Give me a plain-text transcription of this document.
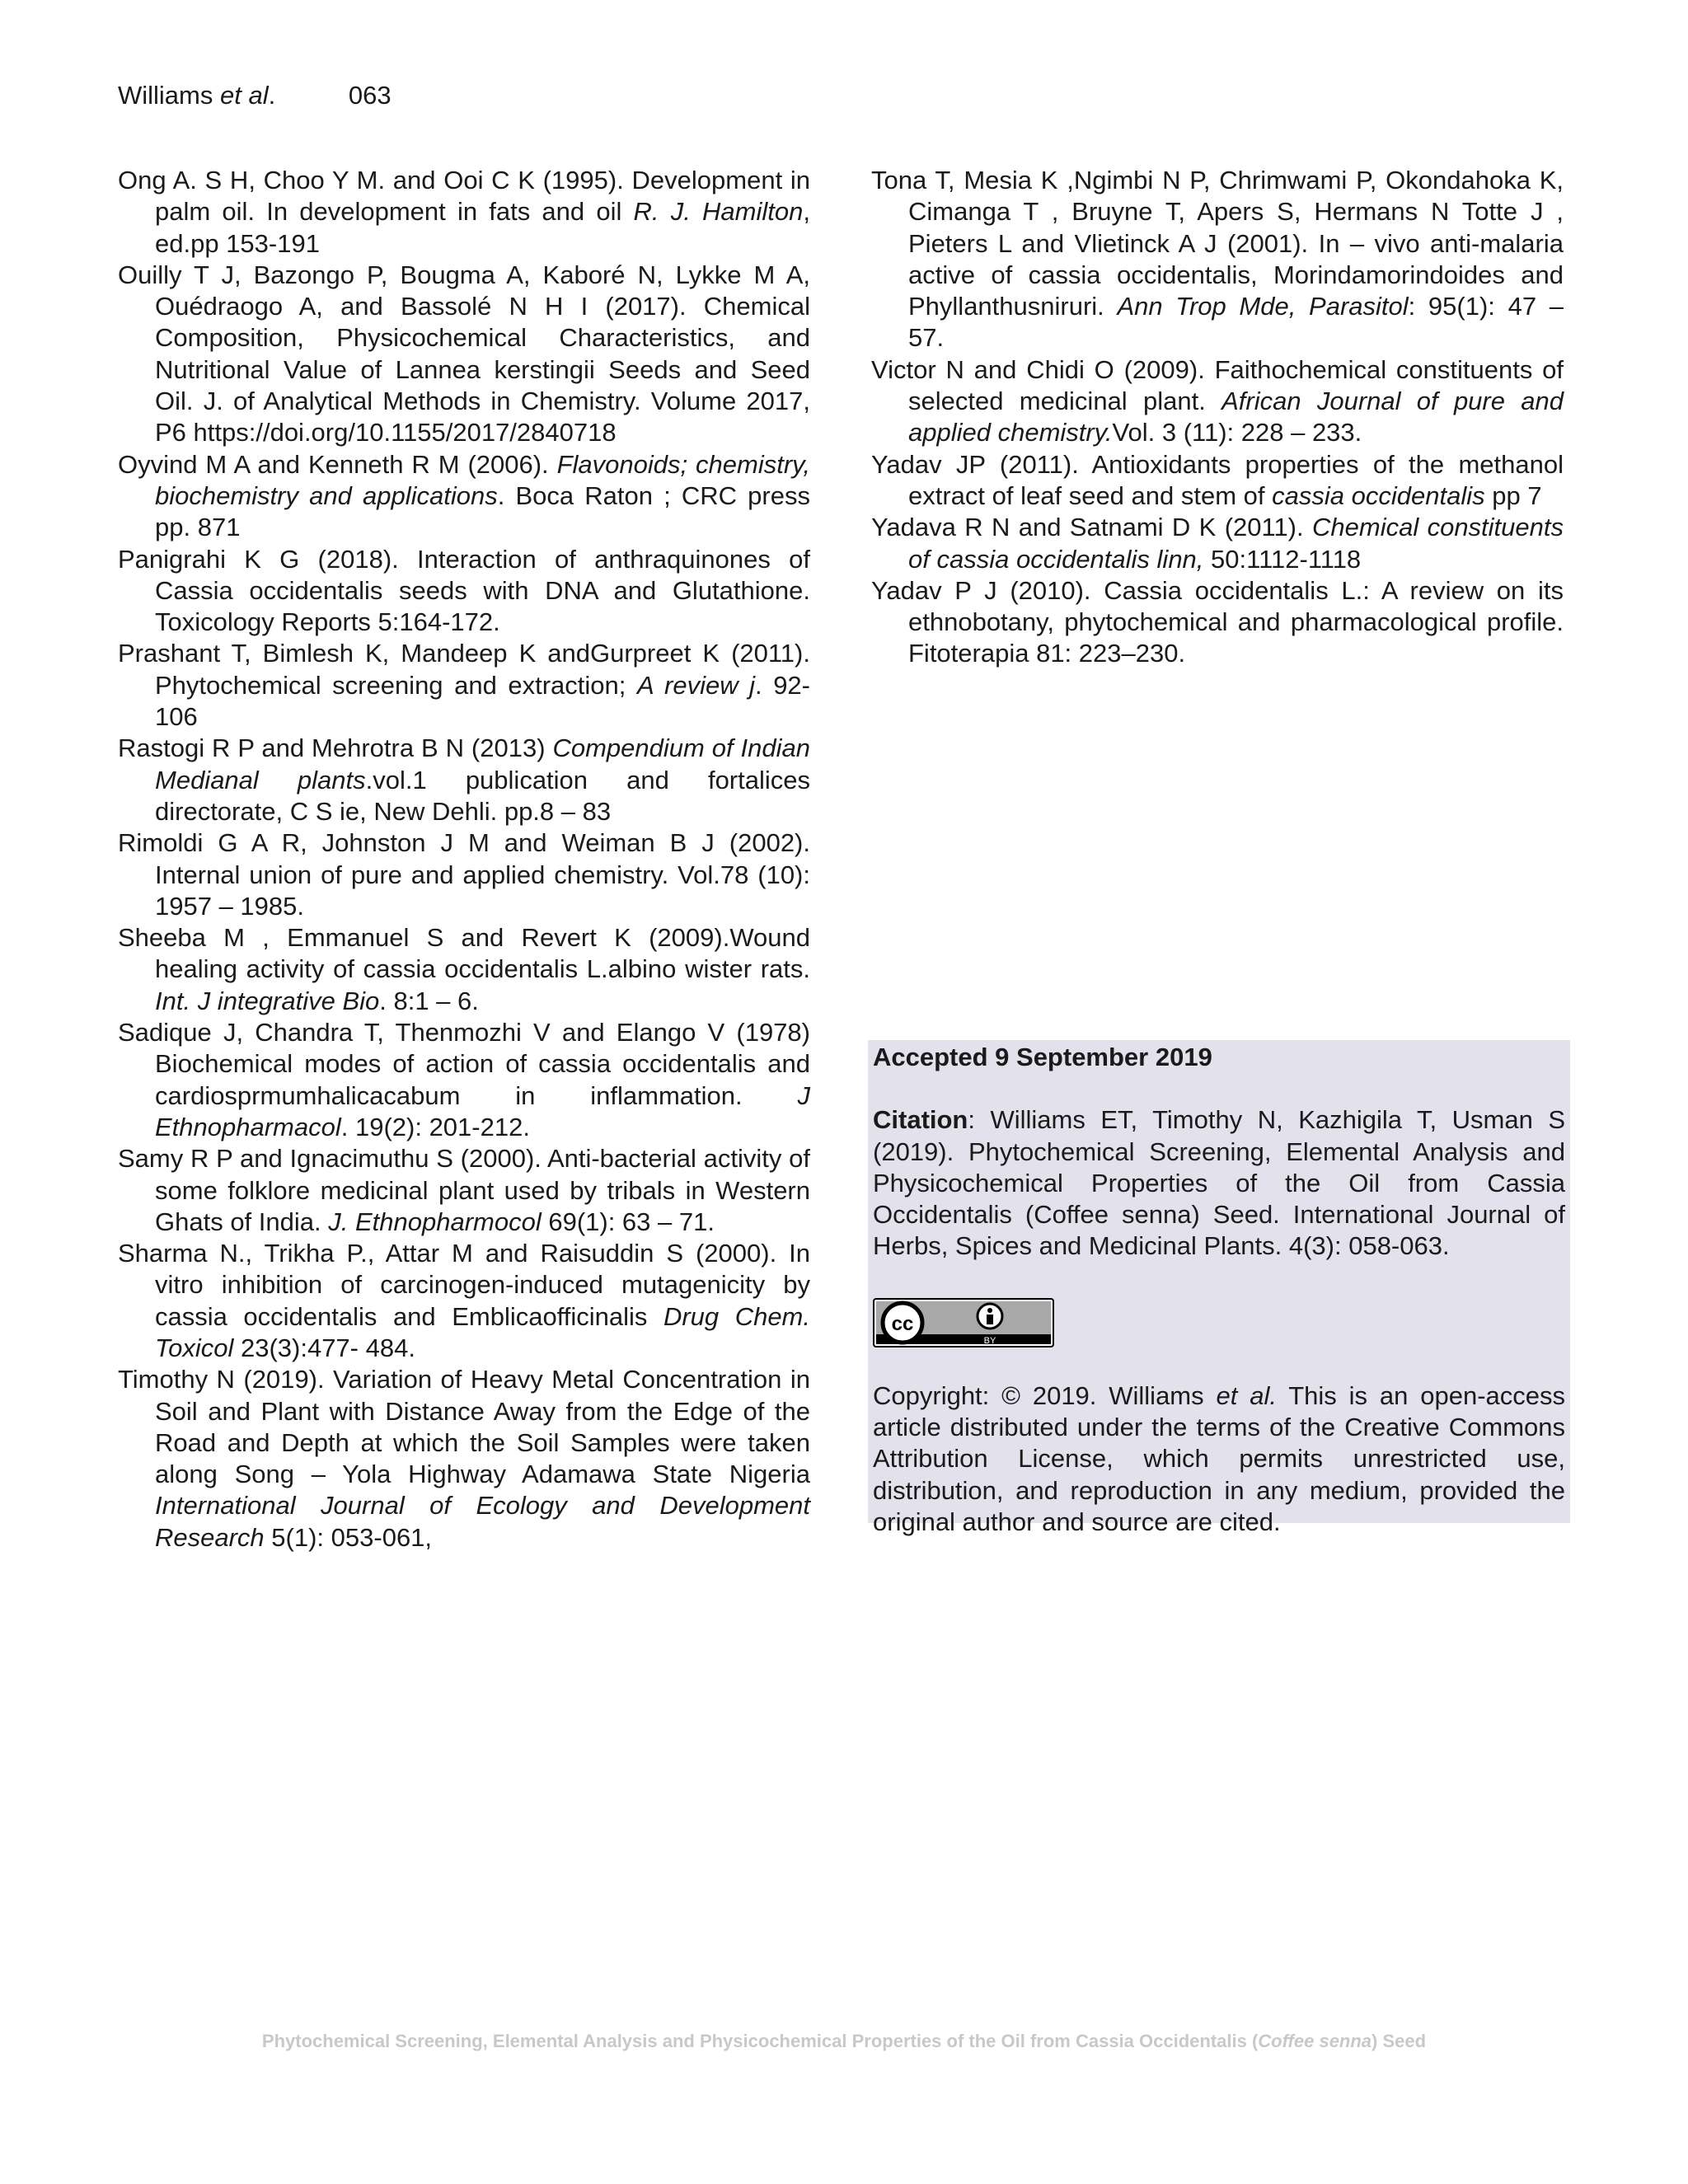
Williams et al.	063

Ong A. S H, Choo Y M. and Ooi C K (1995). Development in palm oil. In development in fats and oil R. J. Hamilton, ed.pp 153-191

Ouilly T J, Bazongo P, Bougma A, Kaboré N, Lykke M A, Ouédraogo A, and Bassolé N H I (2017). Chemical Composition, Physicochemical Characteristics, and Nutritional Value of Lannea kerstingii Seeds and Seed Oil. J. of Analytical Methods in Chemistry. Volume 2017, P6 https://doi.org/10.1155/2017/2840718

Oyvind M A and Kenneth R M (2006). Flavonoids; chemistry, biochemistry and applications. Boca Raton ; CRC press pp. 871

Panigrahi K G (2018). Interaction of anthraquinones of Cassia occidentalis seeds with DNA and Glutathione. Toxicology Reports 5:164-172.

Prashant T, Bimlesh K, Mandeep K andGurpreet K (2011). Phytochemical screening and extraction; A review j. 92-106

Rastogi R P and Mehrotra B N (2013) Compendium of Indian Medianal plants.vol.1 publication and fortalices directorate, C S ie, New Dehli. pp.8 – 83

Rimoldi G A R, Johnston J M and Weiman B J (2002). Internal union of pure and applied chemistry. Vol.78 (10): 1957 – 1985.

Sheeba M , Emmanuel S and Revert K (2009).Wound healing activity of cassia occidentalis L.albino wister rats. Int. J integrative Bio. 8:1 – 6.

Sadique J, Chandra T, Thenmozhi V and Elango V (1978) Biochemical modes of action of cassia occidentalis and cardiosprmumhalicacabum in inflammation. J Ethnopharmacol. 19(2): 201-212.

Samy R P and Ignacimuthu S (2000). Anti-bacterial activity of some folklore medicinal plant used by tribals in Western Ghats of India. J. Ethnopharmocol 69(1): 63 – 71.

Sharma N., Trikha P., Attar M and Raisuddin S (2000). In vitro inhibition of carcinogen-induced mutagenicity by cassia occidentalis and Emblicaofficinalis Drug Chem. Toxicol 23(3):477- 484.

Timothy N (2019). Variation of Heavy Metal Concentration in Soil and Plant with Distance Away from the Edge of the Road and Depth at which the Soil Samples were taken along Song – Yola Highway Adamawa State Nigeria International Journal of Ecology and Development Research 5(1): 053-061,

Tona T, Mesia K ,Ngimbi N P, Chrimwami P, Okondahoka K, Cimanga T , Bruyne T, Apers S, Hermans N Totte J , Pieters L and Vlietinck A J (2001). In – vivo anti-malaria active of cassia occidentalis, Morindamorindoides and Phyllanthusniruri. Ann Trop Mde, Parasitol: 95(1): 47 – 57.

Victor N and Chidi O (2009). Faithochemical constituents of selected medicinal plant. African Journal of pure and applied chemistry.Vol. 3 (11): 228 – 233.

Yadav JP (2011). Antioxidants properties of the methanol extract of leaf seed and stem of cassia occidentalis pp 7

Yadava R N and Satnami D K (2011). Chemical constituents of cassia occidentalis linn, 50:1112-1118

Yadav P J (2010). Cassia occidentalis L.: A review on its ethnobotany, phytochemical and pharmacological profile. Fitoterapia 81: 223–230.

Accepted 9 September 2019

Citation: Williams ET, Timothy N, Kazhigila T, Usman S (2019). Phytochemical Screening, Elemental Analysis and Physicochemical Properties of the Oil from Cassia Occidentalis (Coffee senna) Seed. International Journal of Herbs, Spices and Medicinal Plants. 4(3): 058-063.

cc
BY

Copyright: © 2019. Williams et al. This is an open-access article distributed under the terms of the Creative Commons Attribution License, which permits unrestricted use, distribution, and reproduction in any medium, provided the original author and source are cited.

Phytochemical Screening, Elemental Analysis and Physicochemical Properties of the Oil from Cassia Occidentalis (Coffee senna) Seed
